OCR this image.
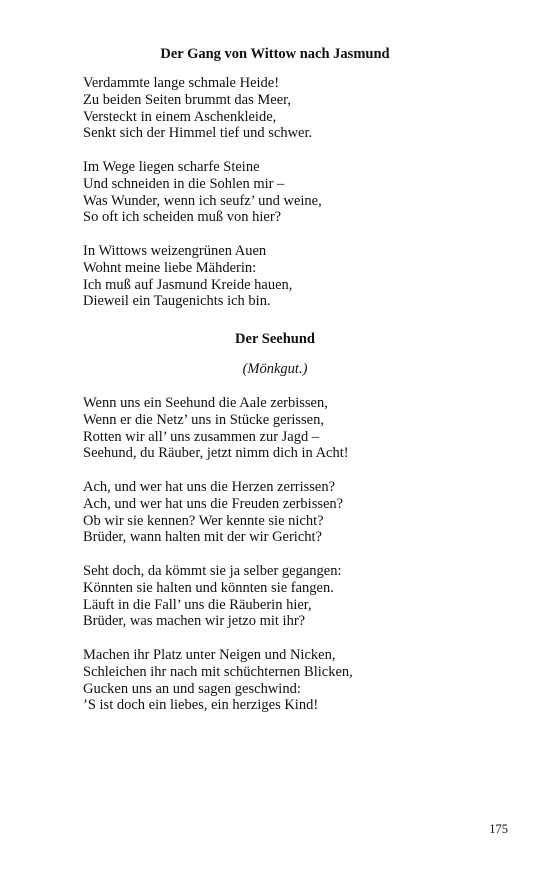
Der Gang von Wittow nach Jasmund
Verdammte lange schmale Heide!
Zu beiden Seiten brummt das Meer,
Versteckt in einem Aschenkleide,
Senkt sich der Himmel tief und schwer.
Im Wege liegen scharfe Steine
Und schneiden in die Sohlen mir –
Was Wunder, wenn ich seufz’ und weine,
So oft ich scheiden muß von hier?
In Wittows weizengrünen Auen
Wohnt meine liebe Mähderin:
Ich muß auf Jasmund Kreide hauen,
Dieweil ein Taugenichts ich bin.
Der Seehund
(Mönkgut.)
Wenn uns ein Seehund die Aale zerbissen,
Wenn er die Netz’ uns in Stücke gerissen,
Rotten wir all’ uns zusammen zur Jagd –
Seehund, du Räuber, jetzt nimm dich in Acht!
Ach, und wer hat uns die Herzen zerrissen?
Ach, und wer hat uns die Freuden zerbissen?
Ob wir sie kennen? Wer kennte sie nicht?
Brüder, wann halten mit der wir Gericht?
Seht doch, da kömmt sie ja selber gegangen:
Könnten sie halten und könnten sie fangen.
Läuft in die Fall’ uns die Räuberin hier,
Brüder, was machen wir jetzo mit ihr?
Machen ihr Platz unter Neigen und Nicken,
Schleichen ihr nach mit schüchternen Blicken,
Gucken uns an und sagen geschwind:
’S ist doch ein liebes, ein herziges Kind!
175
